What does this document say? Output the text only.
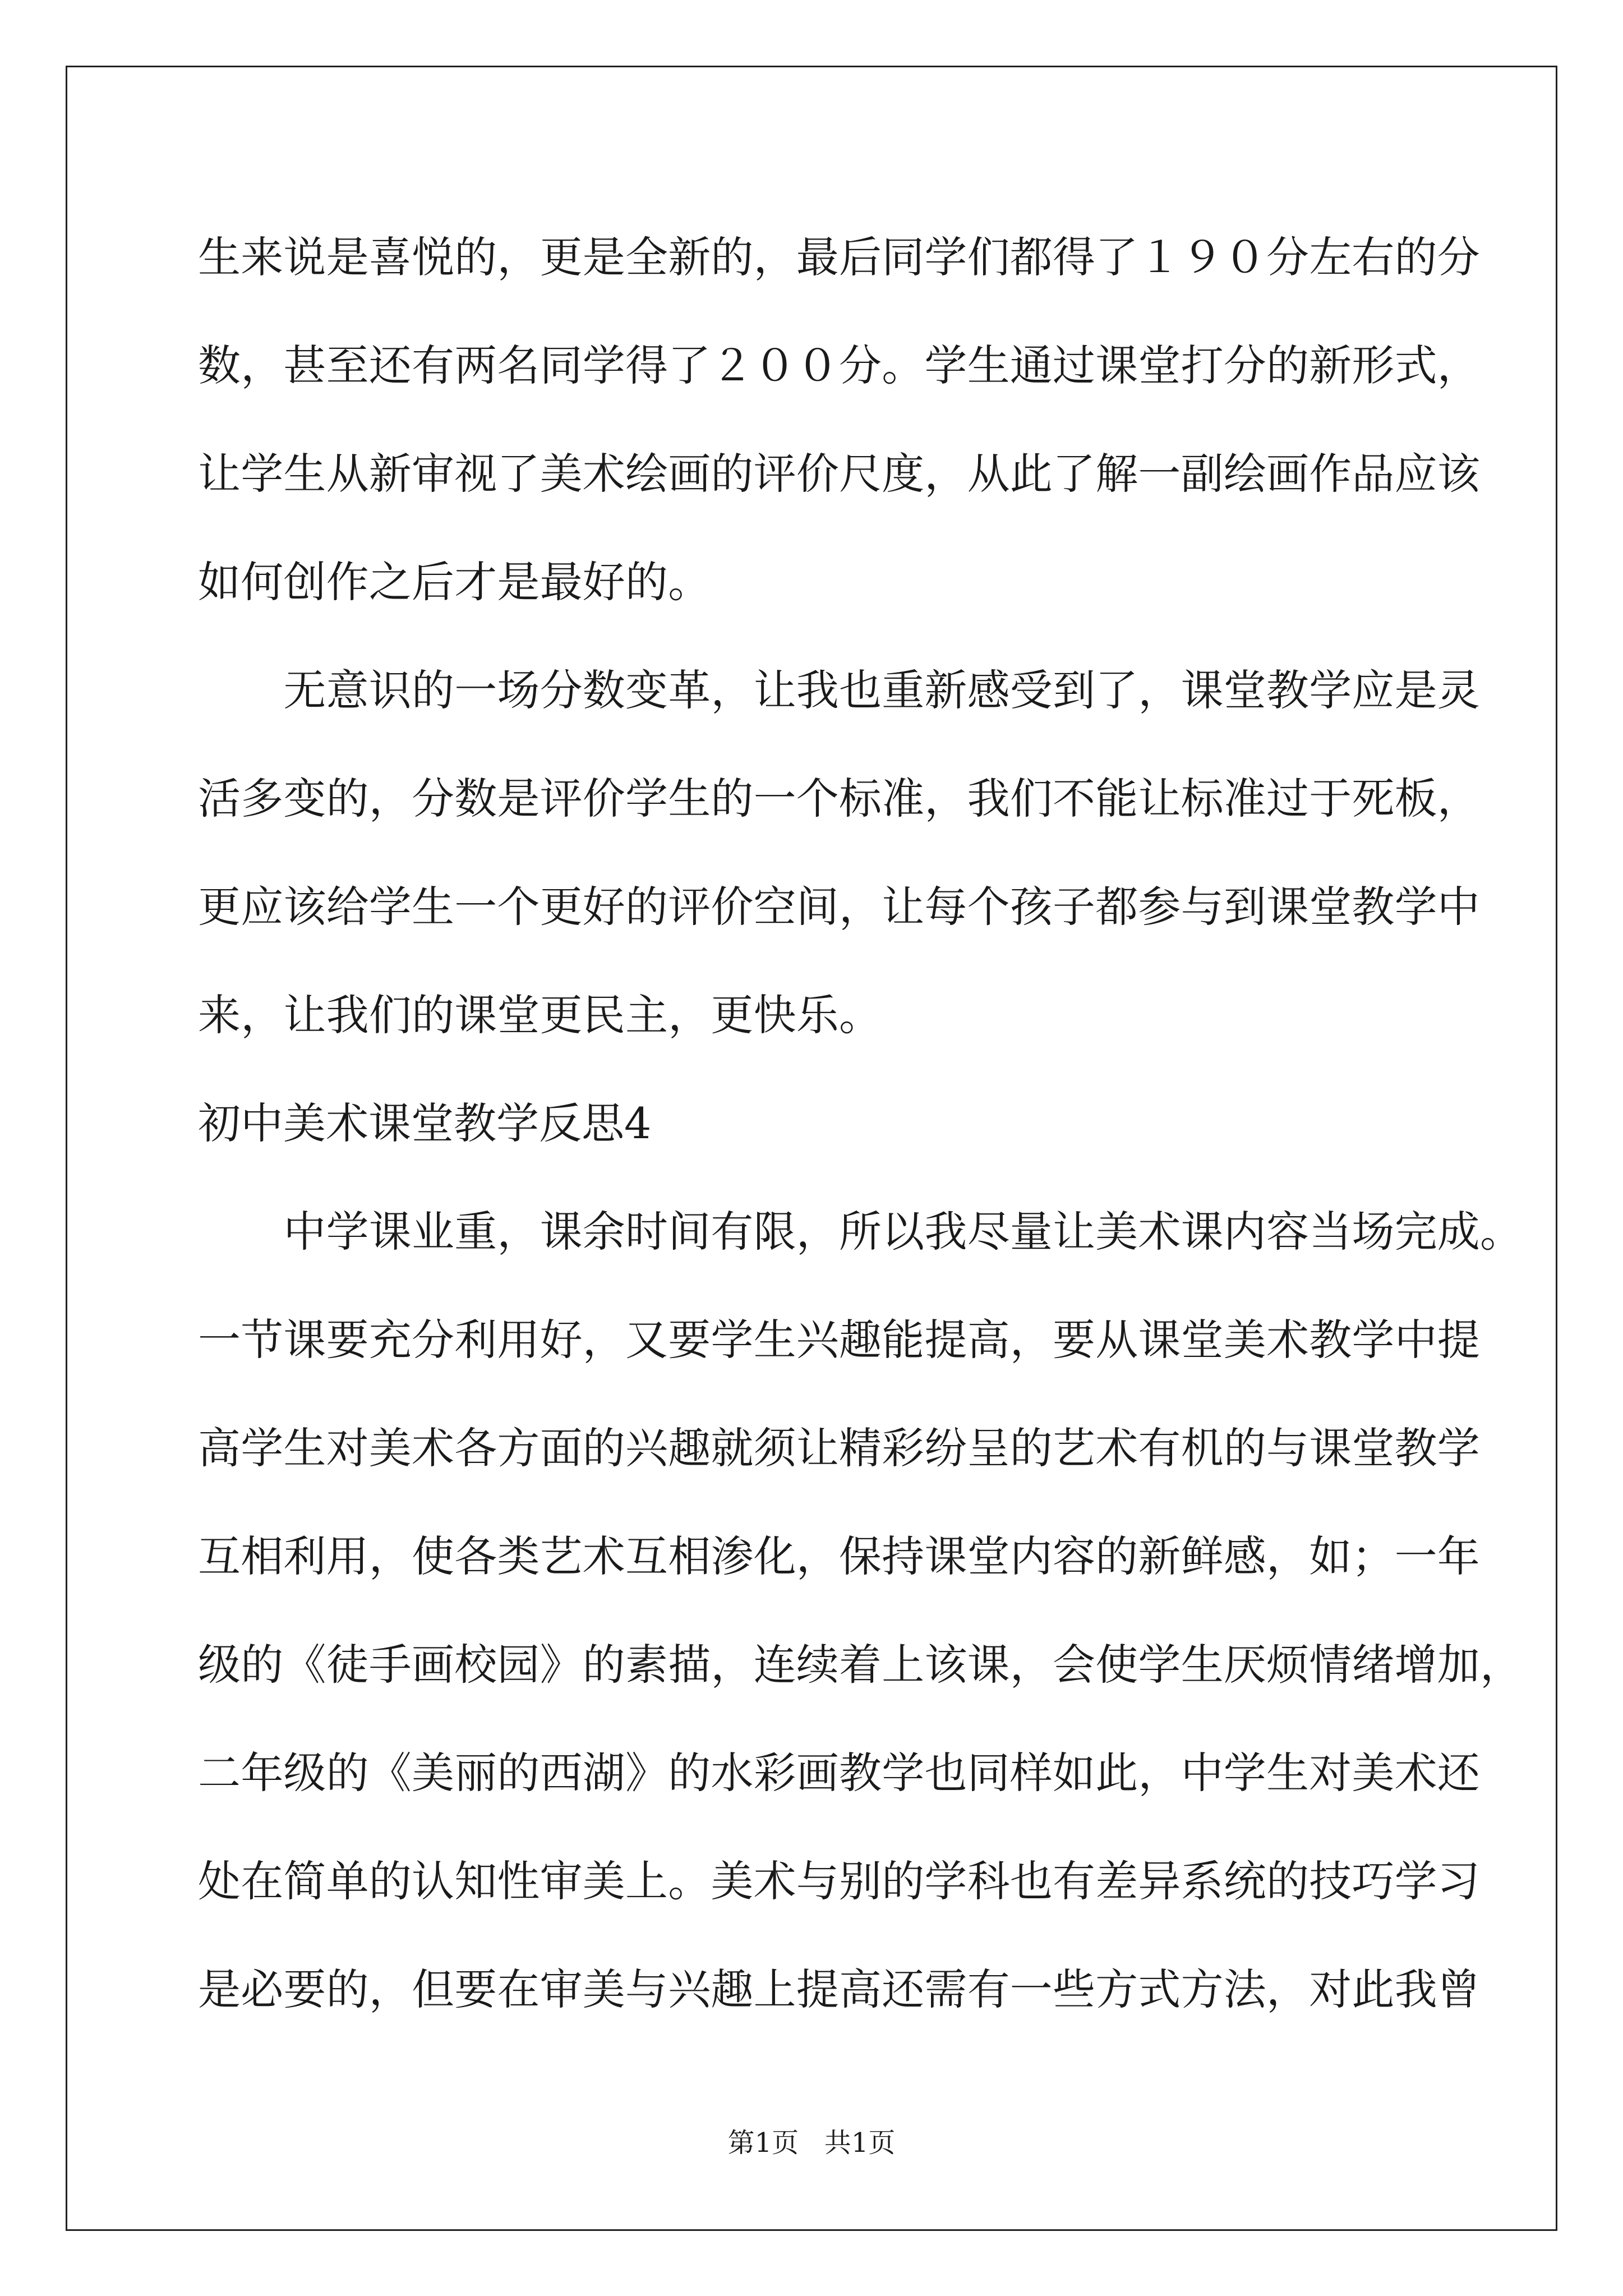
生来说是喜悦的，更是全新的，最后同学们都得了１９０分左右的分
数，甚至还有两名同学得了２００分。学生通过课堂打分的新形式，
让学生从新审视了美术绘画的评价尺度，从此了解一副绘画作品应该
如何创作之后才是最好的。
　　无意识的一场分数变革，让我也重新感受到了，课堂教学应是灵
活多变的，分数是评价学生的一个标准，我们不能让标准过于死板，
更应该给学生一个更好的评价空间，让每个孩子都参与到课堂教学中
来，让我们的课堂更民主，更快乐。
初中美术课堂教学反思4
　　中学课业重，课余时间有限，所以我尽量让美术课内容当场完成。
一节课要充分利用好，又要学生兴趣能提高，要从课堂美术教学中提
高学生对美术各方面的兴趣就须让精彩纷呈的艺术有机的与课堂教学
互相利用，使各类艺术互相渗化，保持课堂内容的新鲜感，如；一年
级的《徒手画校园》的素描，连续着上该课，会使学生厌烦情绪增加，
二年级的《美丽的西湖》的水彩画教学也同样如此，中学生对美术还
处在简单的认知性审美上。美术与别的学科也有差异系统的技巧学习
是必要的，但要在审美与兴趣上提高还需有一些方式方法，对此我曾
第1页   共1页
